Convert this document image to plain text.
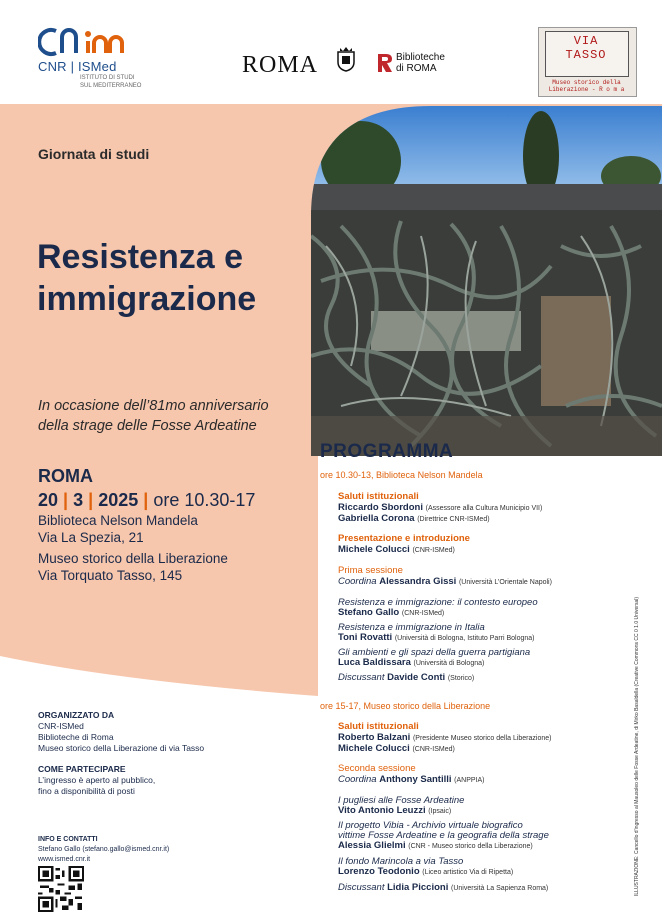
CNR | ISMed
ISTITUTO DI STUDI
SUL MEDITERRANEO
ROMA	Biblioteche
di ROMA
VIA
TASSO
Museo storico della
Liberazione - R o m a
Giornata di studi
Resistenza e
immigrazione
In occasione dell’81mo anniversario
della strage delle Fosse Ardeatine
ROMA
20 | 3 | 2025 | ore 10.30-17
Biblioteca Nelson Mandela
Via La Spezia, 21
Museo storico della Liberazione
Via Torquato Tasso, 145
ORGANIZZATO DA
CNR-ISMed
Biblioteche di Roma
Museo storico della Liberazione di via Tasso
COME PARTECIPARE
L’ingresso è aperto al pubblico,
fino a disponibilità di posti
INFO E CONTATTI
Stefano Gallo (stefano.gallo@ismed.cnr.it)
www.ismed.cnr.it
PROGRAMMA
ore 10.30-13, Biblioteca Nelson Mandela
Saluti istituzionali
Riccardo Sbordoni (Assessore alla Cultura Municipio VII)
Gabriella Corona (Direttrice CNR-ISMed)
Presentazione e introduzione
Michele Colucci (CNR-ISMed)
Prima sessione
Coordina Alessandra Gissi (Università L’Orientale Napoli)
Resistenza e immigrazione: il contesto europeo
Stefano Gallo (CNR-ISMed)
Resistenza e immigrazione in Italia
Toni Rovatti (Università di Bologna, Istituto Parri Bologna)
Gli ambienti e gli spazi della guerra partigiana
Luca Baldissara (Università di Bologna)
Discussant Davide Conti (Storico)
ore 15-17, Museo storico della Liberazione
Saluti istituzionali
Roberto Balzani (Presidente Museo storico della Liberazione)
Michele Colucci (CNR-ISMed)
Seconda sessione
Coordina Anthony Santilli (ANPPIA)
I pugliesi alle Fosse Ardeatine
Vito Antonio Leuzzi (Ipsaic)
Il progetto Vibia - Archivio virtuale biografico
vittime Fosse Ardeatine e la geografia della strage
Alessia Glielmi (CNR - Museo storico della Liberazione)
Il fondo Marincola a via Tasso
Lorenzo Teodonio (Liceo artistico Via di Ripetta)
Discussant Lidia Piccioni (Università La Sapienza Roma)	ILLUSTRAZIONE: Cancello d’ingresso al Mausoleo delle Fosse Ardeatine, di Mirko Basaldella (Creative Commons CC 0 1.0 Universal)
